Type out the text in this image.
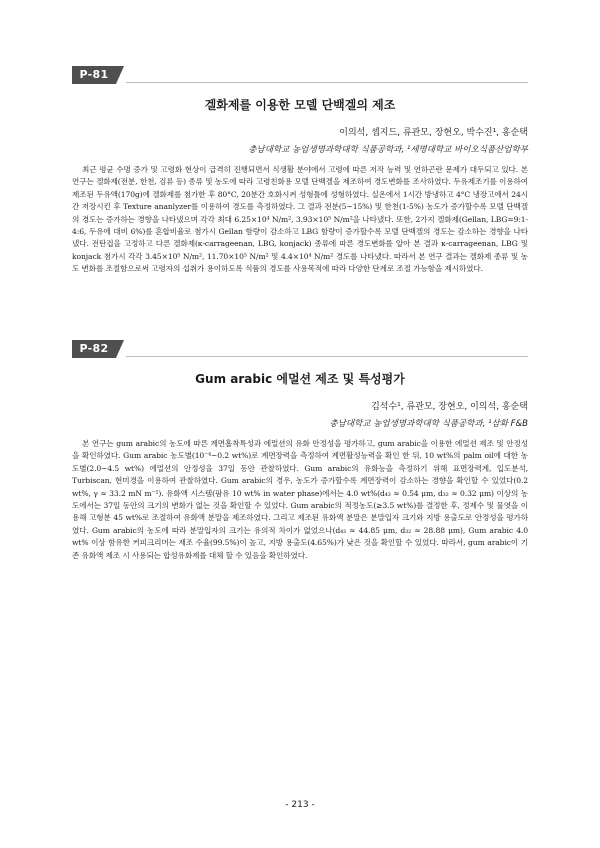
P-81
겔화제를 이용한 모델 단백겔의 제조
이의석, 셉지드, 류관모, 장현오, 박수진¹, 홍순택
충남대학교 농업생명과학대학 식품공학과, ¹세명대학교 바이오식품산업학부

최근 평균 수명 증가 및 고령화 현상이 급격히 진행되면서 식생활 분야에서 고령에 따른 저작 능력 및 연하곤란 문제가 대두되고 있다. 본 연구는 겔화제(전분, 한천, 검류 등) 종류 및 농도에 따라 고령친화용 모델 단백겔을 제조하여 경도변화를 조사하였다. 두유제조기를 이용하여 제조된 두유액(170g)에 겔화제를 첨가한 후 80°C, 20분간 호화시켜 성형틀에 성형하였다. 실온에서 1시간 방냉하고 4°C 냉장고에서 24시간 저장시킨 후 Texture ananlyzer를 이용하여 경도를 측정하였다. 그 결과 전분(5~15%) 및 한천(1-5%) 농도가 증가할수록 모델 단백겔의 경도는 증가하는 경향을 나타냈으며 각각 최대 6.25×10⁴ N/m², 3.93×10⁵ N/m²을 나타냈다. 또한, 2가지 겔화제(Gellan, LBG=9:1-4:6, 두유에 대비 6%)를 혼합비율로 첨가시 Gellan 함량이 감소하고 LBG 함량이 증가할수록 모델 단백겔의 경도는 감소하는 경향을 나타냈다. 전탄겁을 고정하고 다른 겔화제(κ-carrageenan, LBG, konjack) 종류에 따른 경도변화를 알아 본 결과 κ-carrageenan, LBG 및 konjack 첨가시 각각 3.45×10⁵ N/m², 11.70×10⁵ N/m² 및 4.4×10⁴ N/m² 경도를 나타냈다. 따라서 본 연구 결과는 겔화제 종류 및 농도 변화를 조절함으로써 고령자의 섭취가 용이하도록 식품의 경도를 사용목적에 따라 다양한 단계로 조절 가능함을 제시하였다.

P-82
Gum arabic 에멀션 제조 및 특성평가
김석수¹, 류관모, 장현오, 이의석, 홍순택
충남대학교 농업생명과학대학 식품공학과, ¹삼화 F&B

본 연구는 gum arabic의 농도에 따른 계면흡착특성과 에멀션의 유화 안정성을 평가하고, gum arabic을 이용한 에멀션 제조 및 안정성을 확인하였다. Gum arabic 농도별(10⁻⁴~0.2 wt%)로 계면장력을 측정하여 계면활성능력을 확인 한 뒤, 10 wt%의 palm oil에 대한 농도별(2.0~4.5 wt%) 에멀션의 안정성을 37일 동안 관찰하였다. Gum arabic의 유화능을 측정하기 위해 표면장력계, 입도분석, Turbiscan, 현미경을 이용하여 관찰하였다. Gum arabic의 경우, 농도가 증가할수록 계면장력이 감소하는 경향을 확인할 수 있었다(0.2 wt%, γ ≈ 33.2 mN m⁻¹). 유화액 시스템(팜유 10 wt% in water phase)에서는 4.0 wt%(d₄₃ ≈ 0.54 μm, d₃₂ ≈ 0.32 μm) 이상의 농도에서는 37일 동안의 크기의 변화가 없는 것을 확인할 수 있었다. Gum arabic의 적정농도(≥3.5 wt%)를 결정한 후, 정제수 및 물엿을 이용해 고형분 45 wt%로 조절하여 유화액 분말을 제조하였다. 그리고 제조된 유화액 분말은 분말입자 크기와 지방 용출도로 안정성을 평가하였다. Gum arabic의 농도에 따라 분말입자의 크기는 유의적 차이가 없었으나(d₄₃ ≈ 44.85 μm, d₃₂ ≈ 28.88 μm), Gum arabic 4.0 wt% 이상 함유한 커피크리머는 제조 수율(99.5%)이 높고, 지방 용출도(4.65%)가 낮은 것을 확인할 수 있었다. 따라서, gum arabic이 기존 유화액 제조 시 사용되는 합성유화제를 대체 할 수 있음을 확인하였다.

- 213 -
